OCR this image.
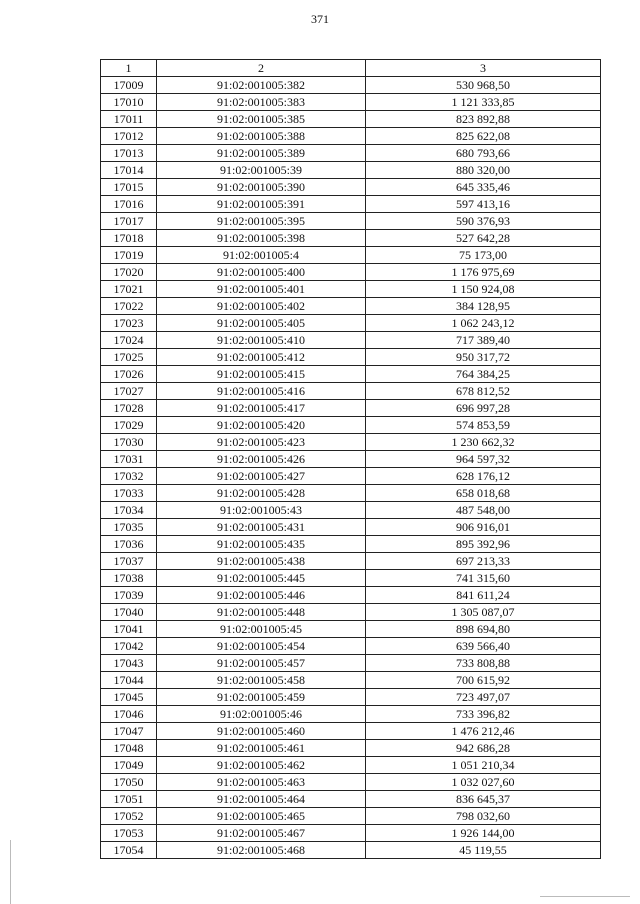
371
1	2	3
17009	91:02:001005:382	530 968,50
17010	91:02:001005:383	1 121 333,85
17011	91:02:001005:385	823 892,88
17012	91:02:001005:388	825 622,08
17013	91:02:001005:389	680 793,66
17014	91:02:001005:39	880 320,00
17015	91:02:001005:390	645 335,46
17016	91:02:001005:391	597 413,16
17017	91:02:001005:395	590 376,93
17018	91:02:001005:398	527 642,28
17019	91:02:001005:4	75 173,00
17020	91:02:001005:400	1 176 975,69
17021	91:02:001005:401	1 150 924,08
17022	91:02:001005:402	384 128,95
17023	91:02:001005:405	1 062 243,12
17024	91:02:001005:410	717 389,40
17025	91:02:001005:412	950 317,72
17026	91:02:001005:415	764 384,25
17027	91:02:001005:416	678 812,52
17028	91:02:001005:417	696 997,28
17029	91:02:001005:420	574 853,59
17030	91:02:001005:423	1 230 662,32
17031	91:02:001005:426	964 597,32
17032	91:02:001005:427	628 176,12
17033	91:02:001005:428	658 018,68
17034	91:02:001005:43	487 548,00
17035	91:02:001005:431	906 916,01
17036	91:02:001005:435	895 392,96
17037	91:02:001005:438	697 213,33
17038	91:02:001005:445	741 315,60
17039	91:02:001005:446	841 611,24
17040	91:02:001005:448	1 305 087,07
17041	91:02:001005:45	898 694,80
17042	91:02:001005:454	639 566,40
17043	91:02:001005:457	733 808,88
17044	91:02:001005:458	700 615,92
17045	91:02:001005:459	723 497,07
17046	91:02:001005:46	733 396,82
17047	91:02:001005:460	1 476 212,46
17048	91:02:001005:461	942 686,28
17049	91:02:001005:462	1 051 210,34
17050	91:02:001005:463	1 032 027,60
17051	91:02:001005:464	836 645,37
17052	91:02:001005:465	798 032,60
17053	91:02:001005:467	1 926 144,00
17054	91:02:001005:468	45 119,55
